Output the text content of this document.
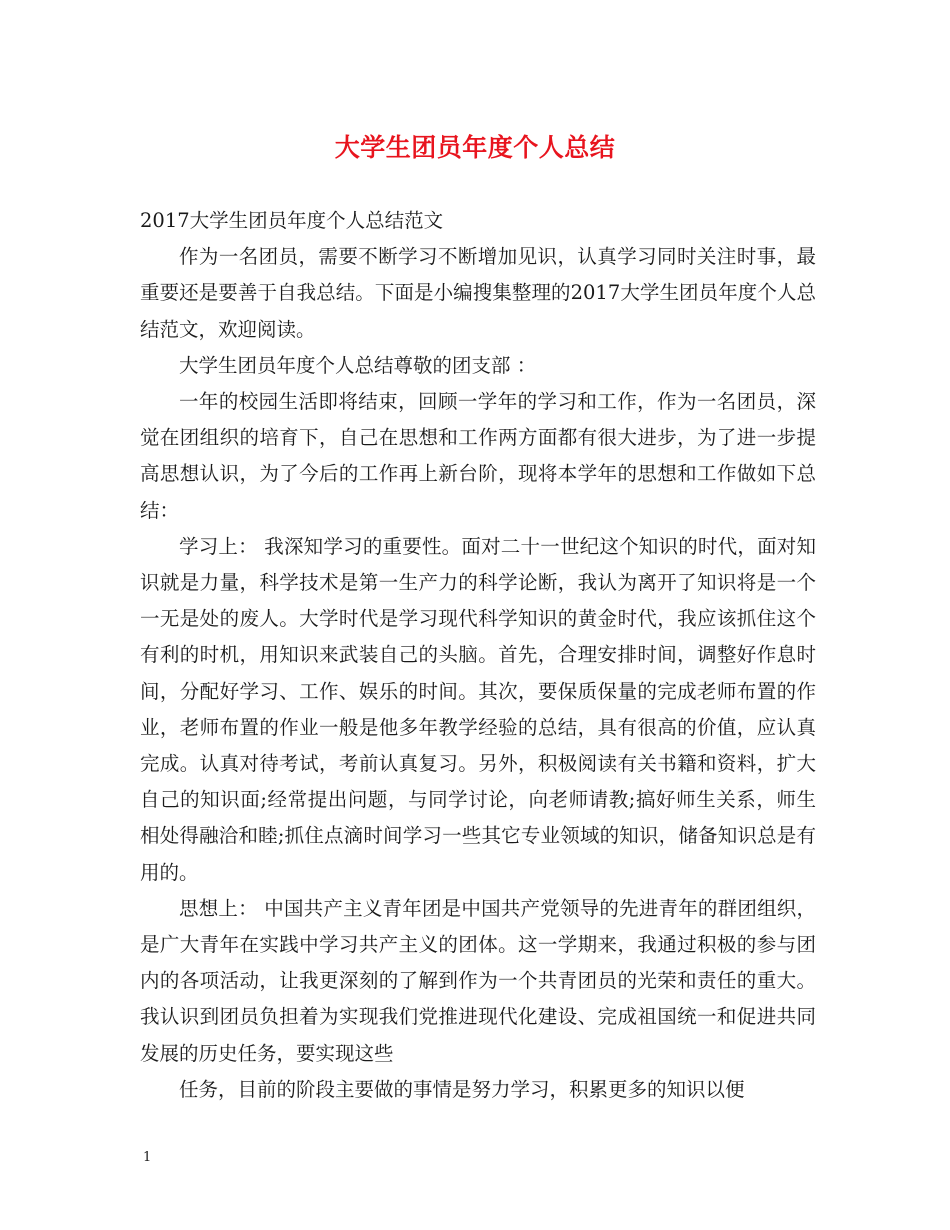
大学生团员年度个人总结

2017大学生团员年度个人总结范文

作为一名团员，需要不断学习不断增加见识，认真学习同时关注时事，最重要还是要善于自我总结。下面是小编搜集整理的2017大学生团员年度个人总结范文，欢迎阅读。

大学生团员年度个人总结尊敬的团支部 ：

一年的校园生活即将结束，回顾一学年的学习和工作，作为一名团员，深觉在团组织的培育下，自己在思想和工作两方面都有很大进步，为了进一步提高思想认识，为了今后的工作再上新台阶，现将本学年的思想和工作做如下总结：

学习上： 我深知学习的重要性。面对二十一世纪这个知识的时代，面对知识就是力量，科学技术是第一生产力的科学论断，我认为离开了知识将是一个一无是处的废人。大学时代是学习现代科学知识的黄金时代，我应该抓住这个有利的时机，用知识来武装自己的头脑。首先，合理安排时间，调整好作息时间，分配好学习、工作、娱乐的时间。其次，要保质保量的完成老师布置的作业，老师布置的作业一般是他多年教学经验的总结，具有很高的价值，应认真完成。认真对待考试，考前认真复习。另外，积极阅读有关书籍和资料，扩大自己的知识面;经常提出问题，与同学讨论，向老师请教;搞好师生关系，师生相处得融洽和睦;抓住点滴时间学习一些其它专业领域的知识，储备知识总是有用的。

思想上： 中国共产主义青年团是中国共产党领导的先进青年的群团组织，是广大青年在实践中学习共产主义的团体。这一学期来，我通过积极的参与团内的各项活动，让我更深刻的了解到作为一个共青团员的光荣和责任的重大。我认识到团员负担着为实现我们党推进现代化建设、完成祖国统一和促进共同发展的历史任务，要实现这些

任务，目前的阶段主要做的事情是努力学习，积累更多的知识以便

1
